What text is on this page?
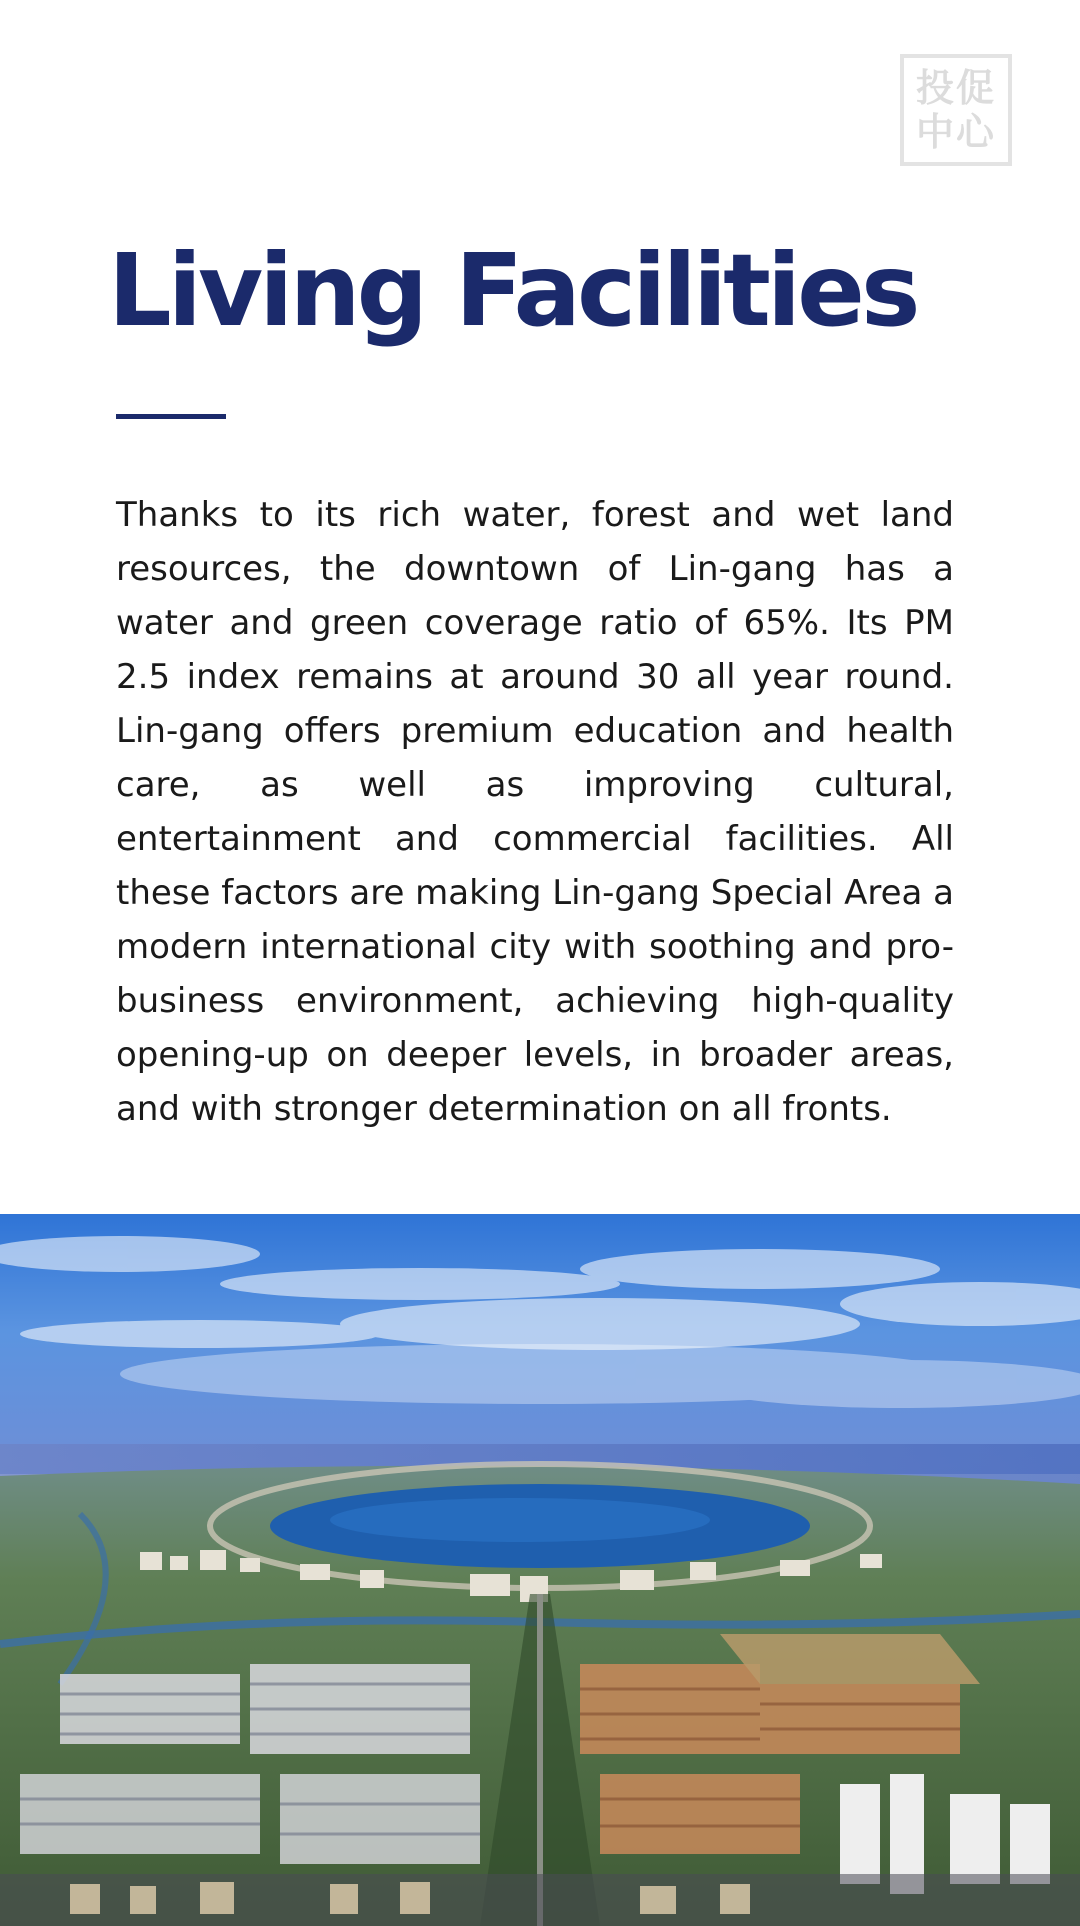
投促
中心
Living Facilities

Thanks to its rich water, forest and wet land resources, the downtown of Lin-gang has a water and green coverage ratio of 65%. Its PM 2.5 index remains at around 30 all year round. Lin-gang offers premium education and health care, as well as improving cultural, entertainment and commercial facilities. All these factors are making Lin-gang Special Area a modern international city with soothing and pro-business environment, achieving high-quality opening-up on deeper levels, in broader areas, and with stronger determination on all fronts.
